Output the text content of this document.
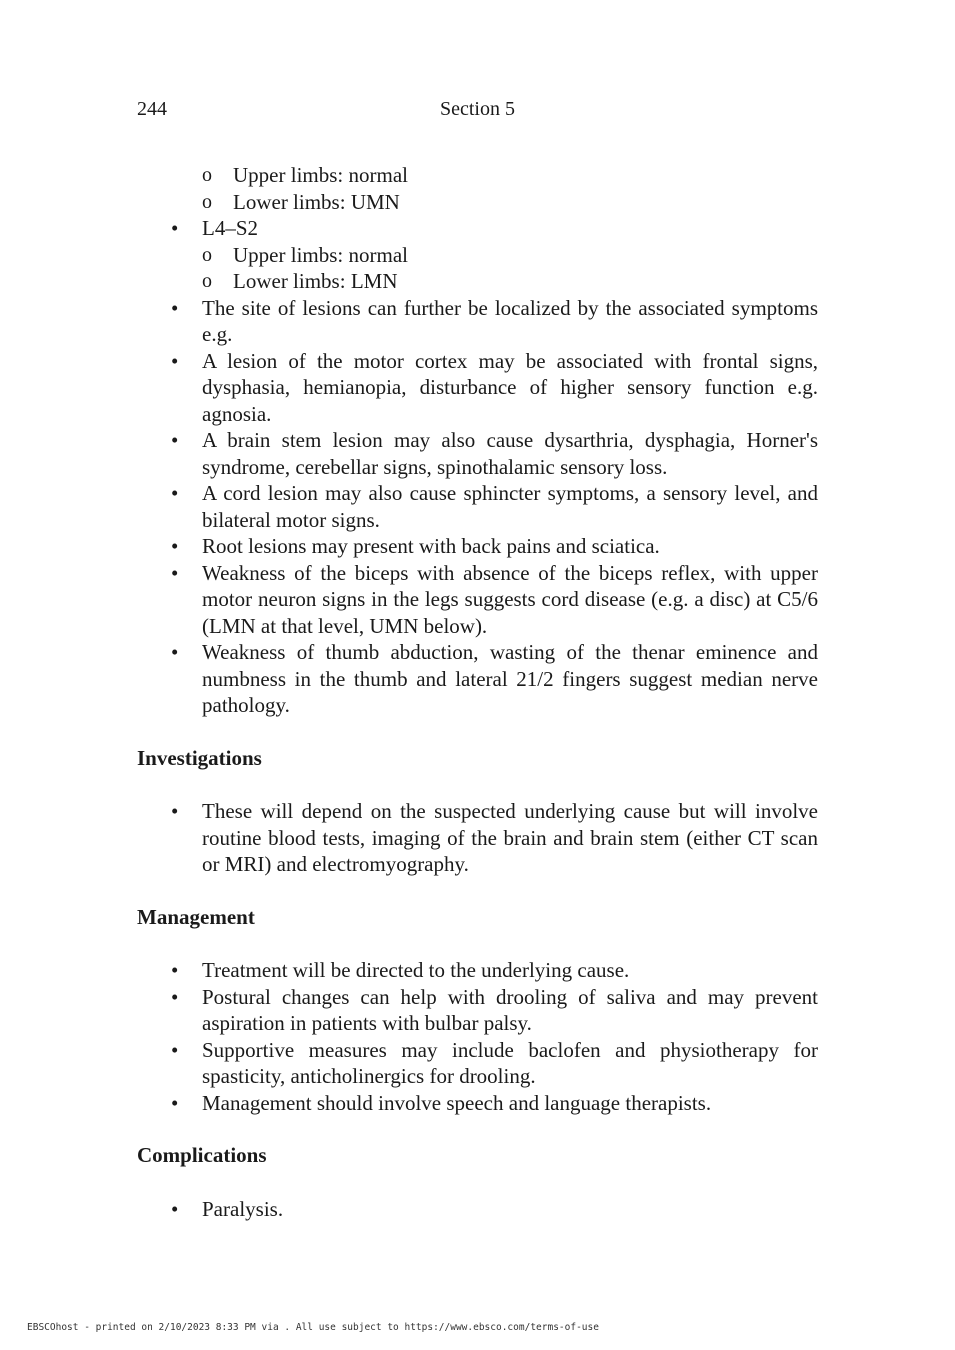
244	Section 5
o Upper limbs: normal
o Lower limbs: UMN
• L4–S2
o Upper limbs: normal
o Lower limbs: LMN
• The site of lesions can further be localized by the associated symptoms e.g.
• A lesion of the motor cortex may be associated with frontal signs, dysphasia, hemianopia, disturbance of higher sensory function e.g. agnosia.
• A brain stem lesion may also cause dysarthria, dysphagia, Horner's syndrome, cerebellar signs, spinothalamic sensory loss.
• A cord lesion may also cause sphincter symptoms, a sensory level, and bilateral motor signs.
• Root lesions may present with back pains and sciatica.
• Weakness of the biceps with absence of the biceps reflex, with upper motor neuron signs in the legs suggests cord disease (e.g. a disc) at C5/6 (LMN at that level, UMN below).
• Weakness of thumb abduction, wasting of the thenar eminence and numbness in the thumb and lateral 21/2 fingers suggest median nerve pathology.
Investigations
• These will depend on the suspected underlying cause but will involve routine blood tests, imaging of the brain and brain stem (either CT scan or MRI) and electromyography.
Management
• Treatment will be directed to the underlying cause.
• Postural changes can help with drooling of saliva and may prevent aspiration in patients with bulbar palsy.
• Supportive measures may include baclofen and physiotherapy for spasticity, anticholinergics for drooling.
• Management should involve speech and language therapists.
Complications
• Paralysis.
EBSCOhost - printed on 2/10/2023 8:33 PM via . All use subject to https://www.ebsco.com/terms-of-use
